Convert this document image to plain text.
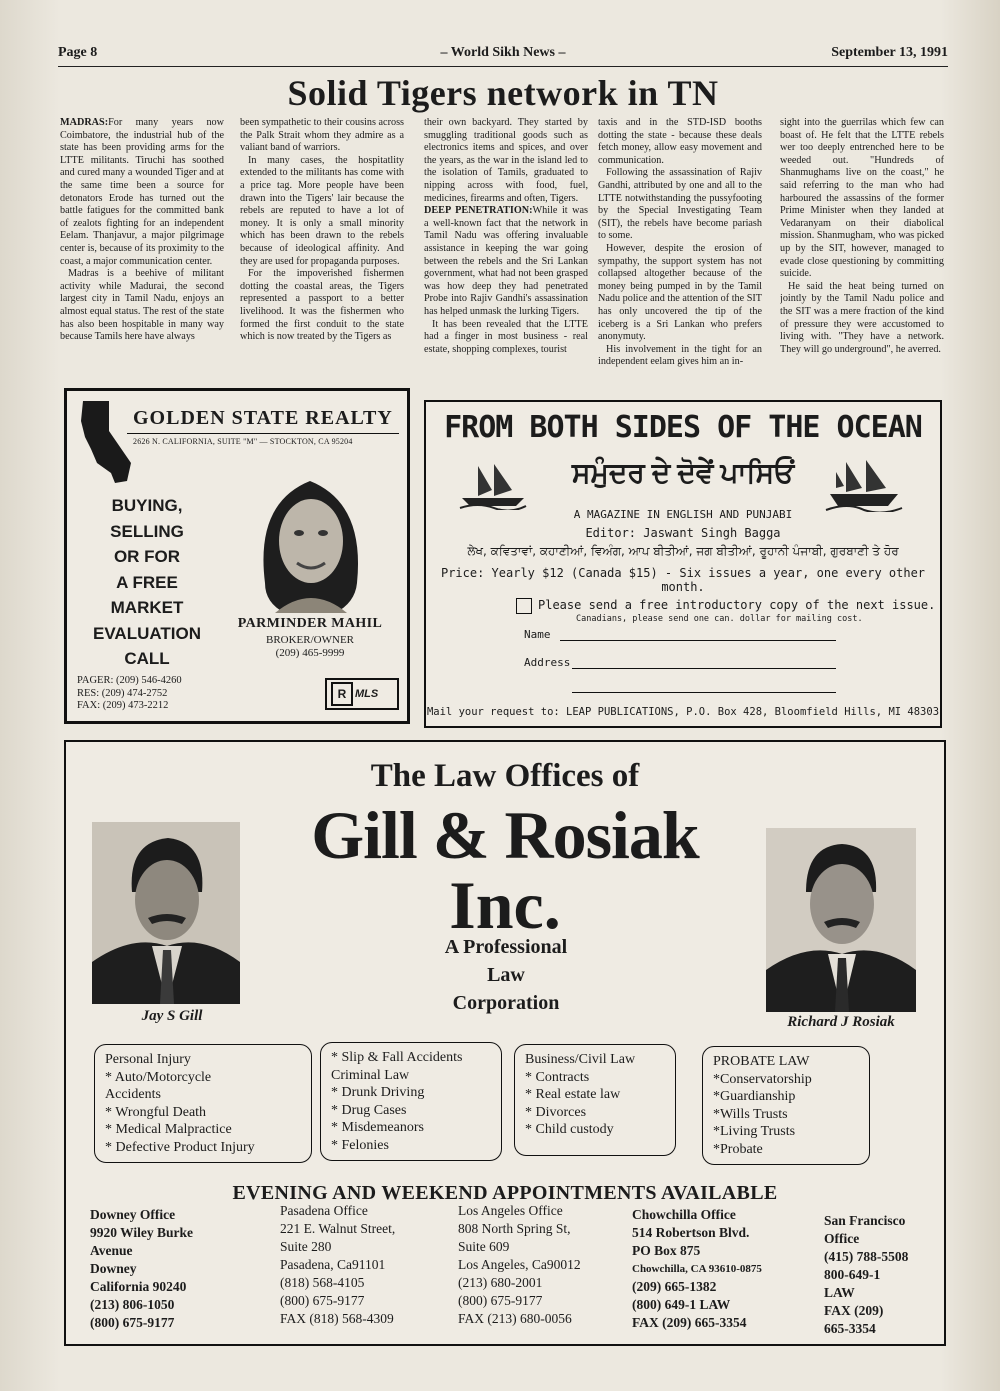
Page 8	– World Sikh News –	September 13, 1991
Solid Tigers network in TN

MADRAS:For many years now Coimbatore, the industrial hub of the state has been providing arms for the LTTE militants. Tiruchi has soothed and cured many a wounded Tiger and at the same time been a source for detonators Erode has turned out the battle fatigues for the committed bank of zealots fighting for an independent Eelam. Thanjavur, a major pilgrimage center is, because of its proximity to the coast, a major communication center.

Madras is a beehive of militant activity while Madurai, the second largest city in Tamil Nadu, enjoys an almost equal status. The rest of the state has also been hospitable in many way because Tamils here have always

been sympathetic to their cousins across the Palk Strait whom they admire as a valiant band of warriors.

In many cases, the hospitatlity extended to the militants has come with a price tag. More people have been drawn into the Tigers' lair because the rebels are reputed to have a lot of money. It is only a small minority which has been drawn to the rebels because of ideological affinity. And they are used for propaganda purposes.

For the impoverished fishermen dotting the coastal areas, the Tigers represented a passport to a better livelihood. It was the fishermen who formed the first conduit to the state which is now treated by the Tigers as

their own backyard. They started by smuggling traditional goods such as electronics items and spices, and over the years, as the war in the island led to the isolation of Tamils, graduated to nipping across with food, fuel, medicines, firearms and often, Tigers.

DEEP PENETRATION:While it was a well-known fact that the network in Tamil Nadu was offering invaluable assistance in keeping the war going between the rebels and the Sri Lankan government, what had not been grasped was how deep they had penetrated Probe into Rajiv Gandhi's assassination has helped unmask the lurking Tigers.

It has been revealed that the LTTE had a finger in most business - real estate, shopping complexes, tourist

taxis and in the STD-ISD booths dotting the state - because these deals fetch money, allow easy movement and communication.

Following the assassination of Rajiv Gandhi, attributed by one and all to the LTTE notwithstanding the pussyfooting by the Special Investigating Team (SIT), the rebels have become pariash to some.

However, despite the erosion of sympathy, the support system has not collapsed altogether because of the money being pumped in by the Tamil Nadu police and the attention of the SIT has only uncovered the tip of the iceberg is a Sri Lankan who prefers anonymuty.

His involvement in the tight for an independent eelam gives him an in-

sight into the guerrilas which few can boast of. He felt that the LTTE rebels wer too deeply entrenched here to be weeded out. "Hundreds of Shanmughams live on the coast," he said referring to the man who had harboured the assassins of the former Prime Minister when they landed at Vedaranyam on their diabolical mission. Shanmugham, who was picked up by the SIT, however, managed to evade close questioning by committing suicide.

He said the heat being turned on jointly by the Tamil Nadu police and the SIT was a mere fraction of the kind of pressure they were accustomed to living with. "They have a network. They will go underground", he averred.

GOLDEN STATE REALTY
2626 N. CALIFORNIA, SUITE "M" — STOCKTON, CA 95204
BUYING,
SELLING
OR FOR
A FREE
MARKET
EVALUATION
CALL
PARMINDER MAHIL
BROKER/OWNER
(209) 465-9999
PAGER: (209) 546-4260
RES: (209) 474-2752
FAX: (209) 473-2212
R MLS
FROM BOTH SIDES OF THE OCEAN
ਸਮੁੰਦਰ ਦੇ ਦੋਵੇਂ ਪਾਸਿਓਂ
A MAGAZINE IN ENGLISH AND PUNJABI
Editor: Jaswant Singh Bagga
ਲੇਖ, ਕਵਿਤਾਵਾਂ, ਕਹਾਣੀਆਂ, ਵਿਅੰਗ, ਆਪ ਬੀਤੀਆਂ, ਜਗ ਬੀਤੀਆਂ, ਰੂਹਾਨੀ ਪੰਜਾਬੀ, ਗੁਰਬਾਣੀ ਤੇ ਹੋਰ
Price: Yearly $12 (Canada $15) - Six issues a year, one every other month.
Please send a free introductory copy of the next issue.
Canadians, please send one can. dollar for mailing cost.
Name
Address
Mail your request to: LEAP PUBLICATIONS, P.O. Box 428, Bloomfield Hills, MI 48303
The Law Offices of
Gill & Rosiak
Inc.
A Professional
Law
Corporation
Jay S Gill	Richard J Rosiak
Personal Injury
* Auto/Motorcycle
Accidents
* Wrongful Death
* Medical Malpractice
* Defective Product Injury
* Slip & Fall Accidents
Criminal Law
* Drunk Driving
* Drug Cases
* Misdemeanors
* Felonies
Business/Civil Law
* Contracts
* Real estate law
* Divorces
* Child custody
PROBATE LAW
*Conservatorship
*Guardianship
*Wills Trusts
*Living Trusts
*Probate
EVENING AND WEEKEND APPOINTMENTS AVAILABLE
Downey Office
9920 Wiley Burke
Avenue
Downey
California 90240
(213) 806-1050
(800) 675-9177
Pasadena Office
221 E. Walnut Street,
Suite 280
Pasadena, Ca91101
(818) 568-4105
(800) 675-9177
FAX (818) 568-4309
Los Angeles Office
808 North Spring St,
Suite 609
Los Angeles, Ca90012
(213) 680-2001
(800) 675-9177
FAX (213) 680-0056
Chowchilla Office
514 Robertson Blvd.
PO Box 875
Chowchilla, CA 93610-0875
(209) 665-1382
(800) 649-1 LAW
FAX (209) 665-3354
San Francisco
Office
(415) 788-5508
800-649-1
LAW
FAX (209)
665-3354
